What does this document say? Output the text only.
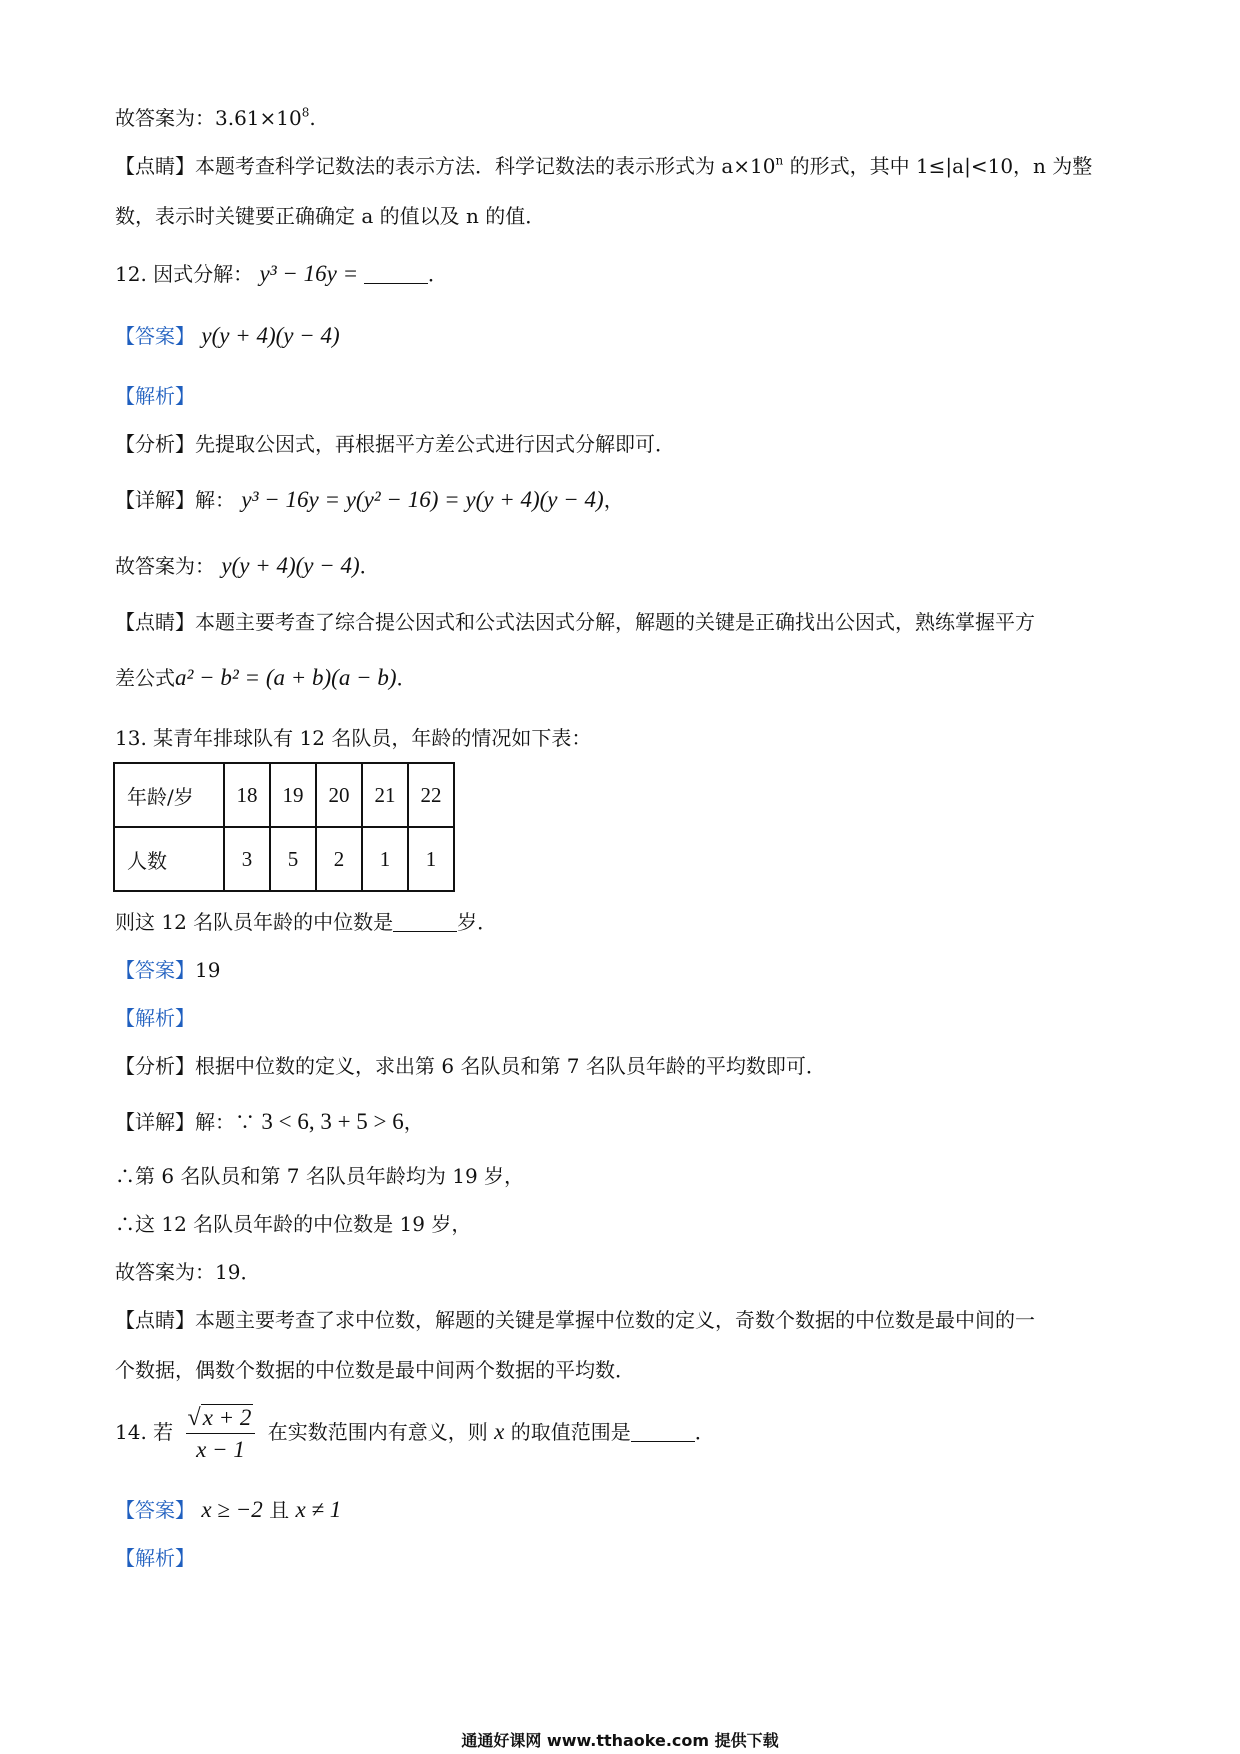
故答案为：$3.61\times 10^8$.
【点睛】本题考查科学记数法的表示方法．科学记数法的表示形式为 $a\times 10^n$ 的形式，其中 1≤|a|<10，n 为整
数，表示时关键要正确确定 a 的值以及 n 的值．
12. 因式分解： y³ − 16y =	．
【答案】 y(y + 4)(y − 4)
【解析】
【分析】先提取公因式，再根据平方差公式进行因式分解即可．
【详解】解： y³ − 16y = y(y² − 16) = y(y + 4)(y − 4)，
故答案为： y(y + 4)(y − 4)．
【点睛】本题主要考查了综合提公因式和公式法因式分解，解题的关键是正确找出公因式，熟练掌握平方
差公式a² − b² = (a + b)(a − b)．
13. 某青年排球队有 12 名队员，年龄的情况如下表：
年龄/岁	18	19	20	21	22
人数	3	5	2	1	1
则这 12 名队员年龄的中位数是	岁．
【答案】19
【解析】
【分析】根据中位数的定义，求出第 6 名队员和第 7 名队员年龄的平均数即可．
【详解】解：∵ 3 < 6, 3 + 5 > 6，
∴第 6 名队员和第 7 名队员年龄均为 19 岁，
∴这 12 名队员年龄的中位数是 19 岁，
故答案为：19．
【点睛】本题主要考查了求中位数，解题的关键是掌握中位数的定义，奇数个数据的中位数是最中间的一
个数据，偶数个数据的中位数是最中间两个数据的平均数．
14. 若 $\frac{√x + 2}{x - 1}$ 在实数范围内有意义，则 x 的取值范围是	．
【答案】 x ≥ −2 且 x ≠ 1
【解析】
通通好课网 www.tthaoke.com 提供下载
